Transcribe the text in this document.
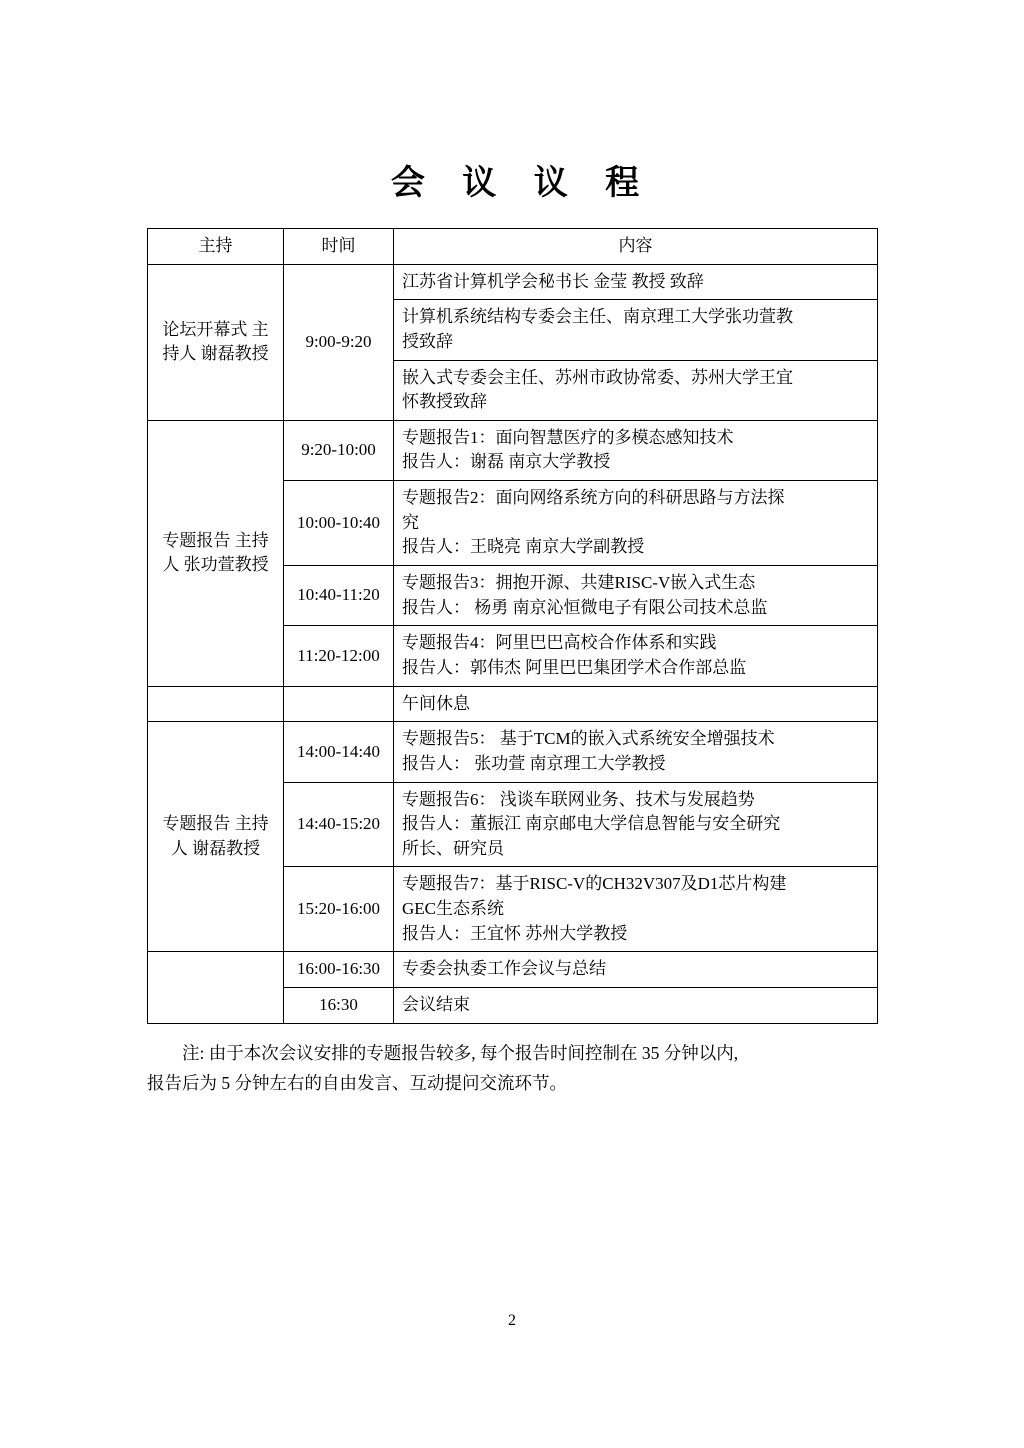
会 议 议 程
主持	时间	内容
论坛开幕式 主持人 谢磊教授	9:00-9:20	江苏省计算机学会秘书长 金莹 教授 致辞

		计算机系统结构专委会主任、南京理工大学张功萱教
授致辞

		嵌入式专委会主任、苏州市政协常委、苏州大学王宜
怀教授致辞

专题报告 主持人 张功萱教授	9:20-10:00	专题报告1：面向智慧医疗的多模态感知技术
报告人：谢磊 南京大学教授

	10:00-10:40	专题报告2：面向网络系统方向的科研思路与方法探
究
报告人：王晓亮 南京大学副教授

	10:40-11:20	专题报告3：拥抱开源、共建RISC-V嵌入式生态
报告人： 杨勇 南京沁恒微电子有限公司技术总监

	11:20-12:00	专题报告4：阿里巴巴高校合作体系和实践
报告人：郭伟杰 阿里巴巴集团学术合作部总监

		午间休息

专题报告 主持人 谢磊教授	14:00-14:40	专题报告5： 基于TCM的嵌入式系统安全增强技术
报告人： 张功萱 南京理工大学教授

	14:40-15:20	专题报告6： 浅谈车联网业务、技术与发展趋势
报告人：董振江 南京邮电大学信息智能与安全研究
所长、研究员

	15:20-16:00	专题报告7：基于RISC-V的CH32V307及D1芯片构建
GEC生态系统
报告人：王宜怀 苏州大学教授

	16:00-16:30	专委会执委工作会议与总结

	16:30	会议结束
注: 由于本次会议安排的专题报告较多, 每个报告时间控制在 35 分钟以内,
报告后为 5 分钟左右的自由发言、互动提问交流环节。
2
